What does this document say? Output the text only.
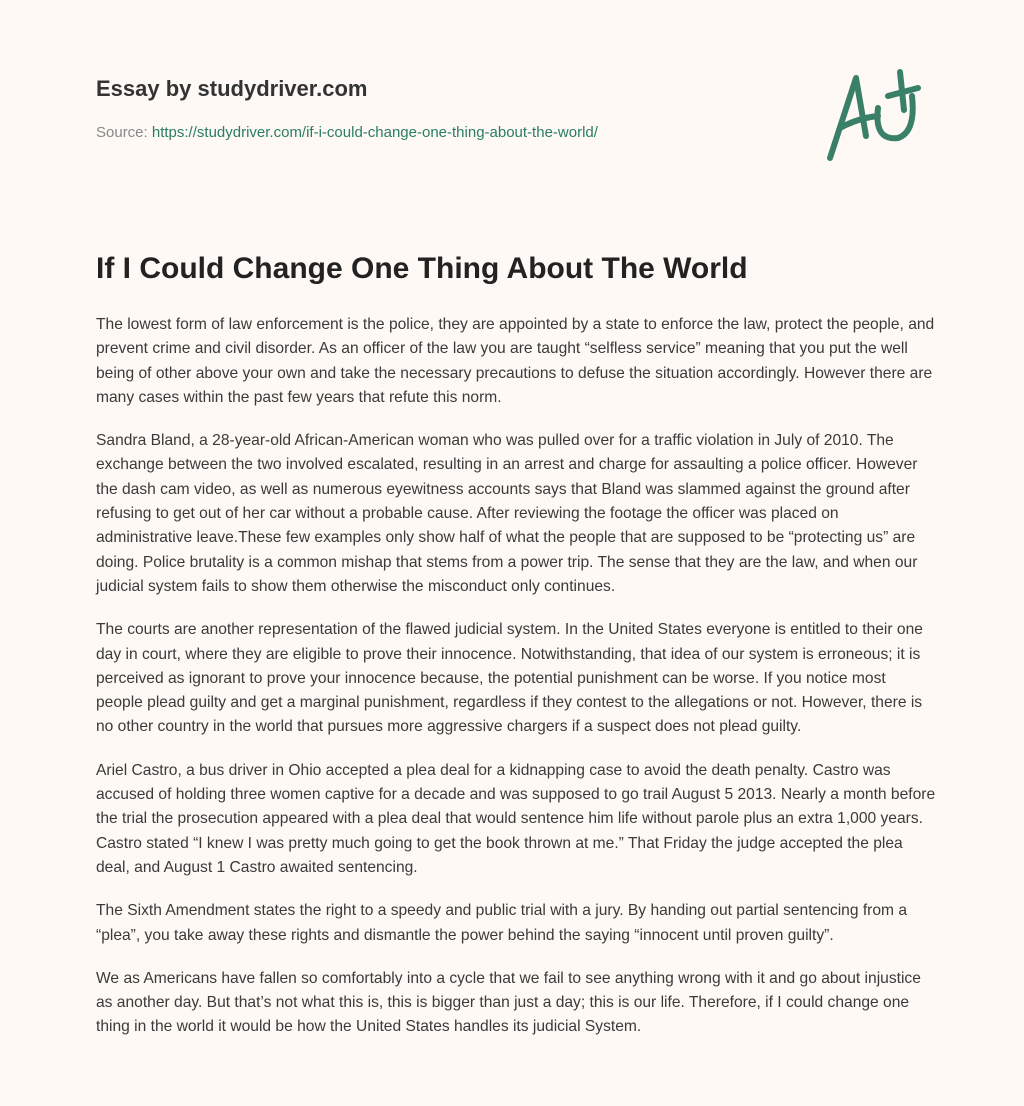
Essay by studydriver.com
Source: https://studydriver.com/if-i-could-change-one-thing-about-the-world/
If I Could Change One Thing About The World

The lowest form of law enforcement is the police, they are appointed by a state to enforce the law, protect the people, and prevent crime and civil disorder. As an officer of the law you are taught “selfless service” meaning that you put the well being of other above your own and take the necessary precautions to defuse the situation accordingly. However there are many cases within the past few years that refute this norm.

Sandra Bland, a 28-year-old African-American woman who was pulled over for a traffic violation in July of 2010. The exchange between the two involved escalated, resulting in an arrest and charge for assaulting a police officer. However the dash cam video, as well as numerous eyewitness accounts says that Bland was slammed against the ground after refusing to get out of her car without a probable cause. After reviewing the footage the officer was placed on administrative leave.These few examples only show half of what the people that are supposed to be “protecting us” are doing. Police brutality is a common mishap that stems from a power trip. The sense that they are the law, and when our judicial system fails to show them otherwise the misconduct only continues.

The courts are another representation of the flawed judicial system. In the United States everyone is entitled to their one day in court, where they are eligible to prove their innocence. Notwithstanding, that idea of our system is erroneous; it is perceived as ignorant to prove your innocence because, the potential punishment can be worse. If you notice most people plead guilty and get a marginal punishment, regardless if they contest to the allegations or not. However, there is no other country in the world that pursues more aggressive chargers if a suspect does not plead guilty.

Ariel Castro, a bus driver in Ohio accepted a plea deal for a kidnapping case to avoid the death penalty. Castro was accused of holding three women captive for a decade and was supposed to go trail August 5 2013. Nearly a month before the trial the prosecution appeared with a plea deal that would sentence him life without parole plus an extra 1,000 years. Castro stated “I knew I was pretty much going to get the book thrown at me.” That Friday the judge accepted the plea deal, and August 1 Castro awaited sentencing.

The Sixth Amendment states the right to a speedy and public trial with a jury. By handing out partial sentencing from a “plea”, you take away these rights and dismantle the power behind the saying “innocent until proven guilty”.

We as Americans have fallen so comfortably into a cycle that we fail to see anything wrong with it and go about injustice as another day. But that’s not what this is, this is bigger than just a day; this is our life. Therefore, if I could change one thing in the world it would be how the United States handles its judicial System.
